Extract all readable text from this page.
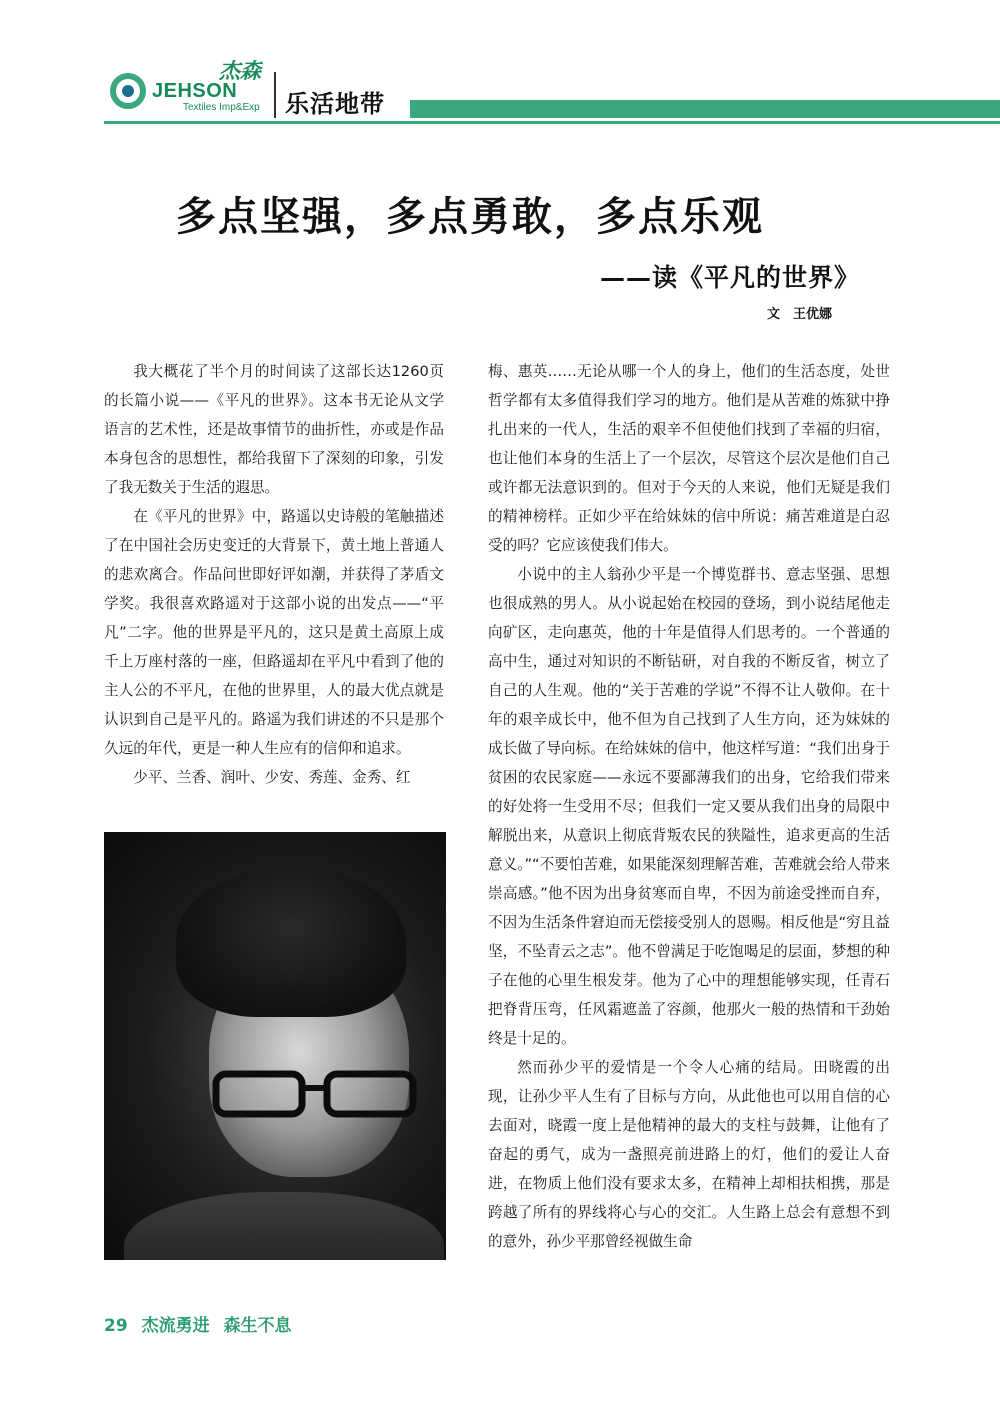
JEHSON
杰森
Textiles Imp&Exp 乐活地带
多点坚强，多点勇敢，多点乐观
——读《平凡的世界》
文　王优娜

我大概花了半个月的时间读了这部长达1260页的长篇小说——《平凡的世界》。这本书无论从文学语言的艺术性，还是故事情节的曲折性，亦或是作品本身包含的思想性，都给我留下了深刻的印象，引发了我无数关于生活的遐思。

在《平凡的世界》中，路遥以史诗般的笔触描述了在中国社会历史变迁的大背景下，黄土地上普通人的悲欢离合。作品问世即好评如潮，并获得了茅盾文学奖。我很喜欢路遥对于这部小说的出发点——“平凡”二字。他的世界是平凡的，这只是黄土高原上成千上万座村落的一座，但路遥却在平凡中看到了他的主人公的不平凡，在他的世界里，人的最大优点就是认识到自己是平凡的。路遥为我们讲述的不只是那个久远的年代，更是一种人生应有的信仰和追求。

少平、兰香、润叶、少安、秀莲、金秀、红

梅、惠英……无论从哪一个人的身上，他们的生活态度，处世哲学都有太多值得我们学习的地方。他们是从苦难的炼狱中挣扎出来的一代人，生活的艰辛不但使他们找到了幸福的归宿，也让他们本身的生活上了一个层次，尽管这个层次是他们自己或许都无法意识到的。但对于今天的人来说，他们无疑是我们的精神榜样。正如少平在给妹妹的信中所说：痛苦难道是白忍受的吗？它应该使我们伟大。

小说中的主人翁孙少平是一个博览群书、意志坚强、思想也很成熟的男人。从小说起始在校园的登场，到小说结尾他走向矿区，走向惠英，他的十年是值得人们思考的。一个普通的高中生，通过对知识的不断钻研，对自我的不断反省，树立了自己的人生观。他的“关于苦难的学说”不得不让人敬仰。在十年的艰辛成长中，他不但为自己找到了人生方向，还为妹妹的成长做了导向标。在给妹妹的信中，他这样写道：“我们出身于贫困的农民家庭——永远不要鄙薄我们的出身，它给我们带来的好处将一生受用不尽；但我们一定又要从我们出身的局限中解脱出来，从意识上彻底背叛农民的狭隘性，追求更高的生活意义。”“不要怕苦难，如果能深刻理解苦难，苦难就会给人带来崇高感。”他不因为出身贫寒而自卑，不因为前途受挫而自弃，不因为生活条件窘迫而无偿接受别人的恩赐。相反他是“穷且益坚，不坠青云之志”。他不曾满足于吃饱喝足的层面，梦想的种子在他的心里生根发芽。他为了心中的理想能够实现，任青石把脊背压弯，任风霜遮盖了容颜，他那火一般的热情和干劲始终是十足的。

然而孙少平的爱情是一个令人心痛的结局。田晓霞的出现，让孙少平人生有了目标与方向，从此他也可以用自信的心去面对，晓霞一度上是他精神的最大的支柱与鼓舞，让他有了奋起的勇气，成为一盏照亮前进路上的灯，他们的爱让人奋进，在物质上他们没有要求太多，在精神上却相扶相携，那是跨越了所有的界线将心与心的交汇。人生路上总会有意想不到的意外，孙少平那曾经视做生命

29 杰流勇进 森生不息
